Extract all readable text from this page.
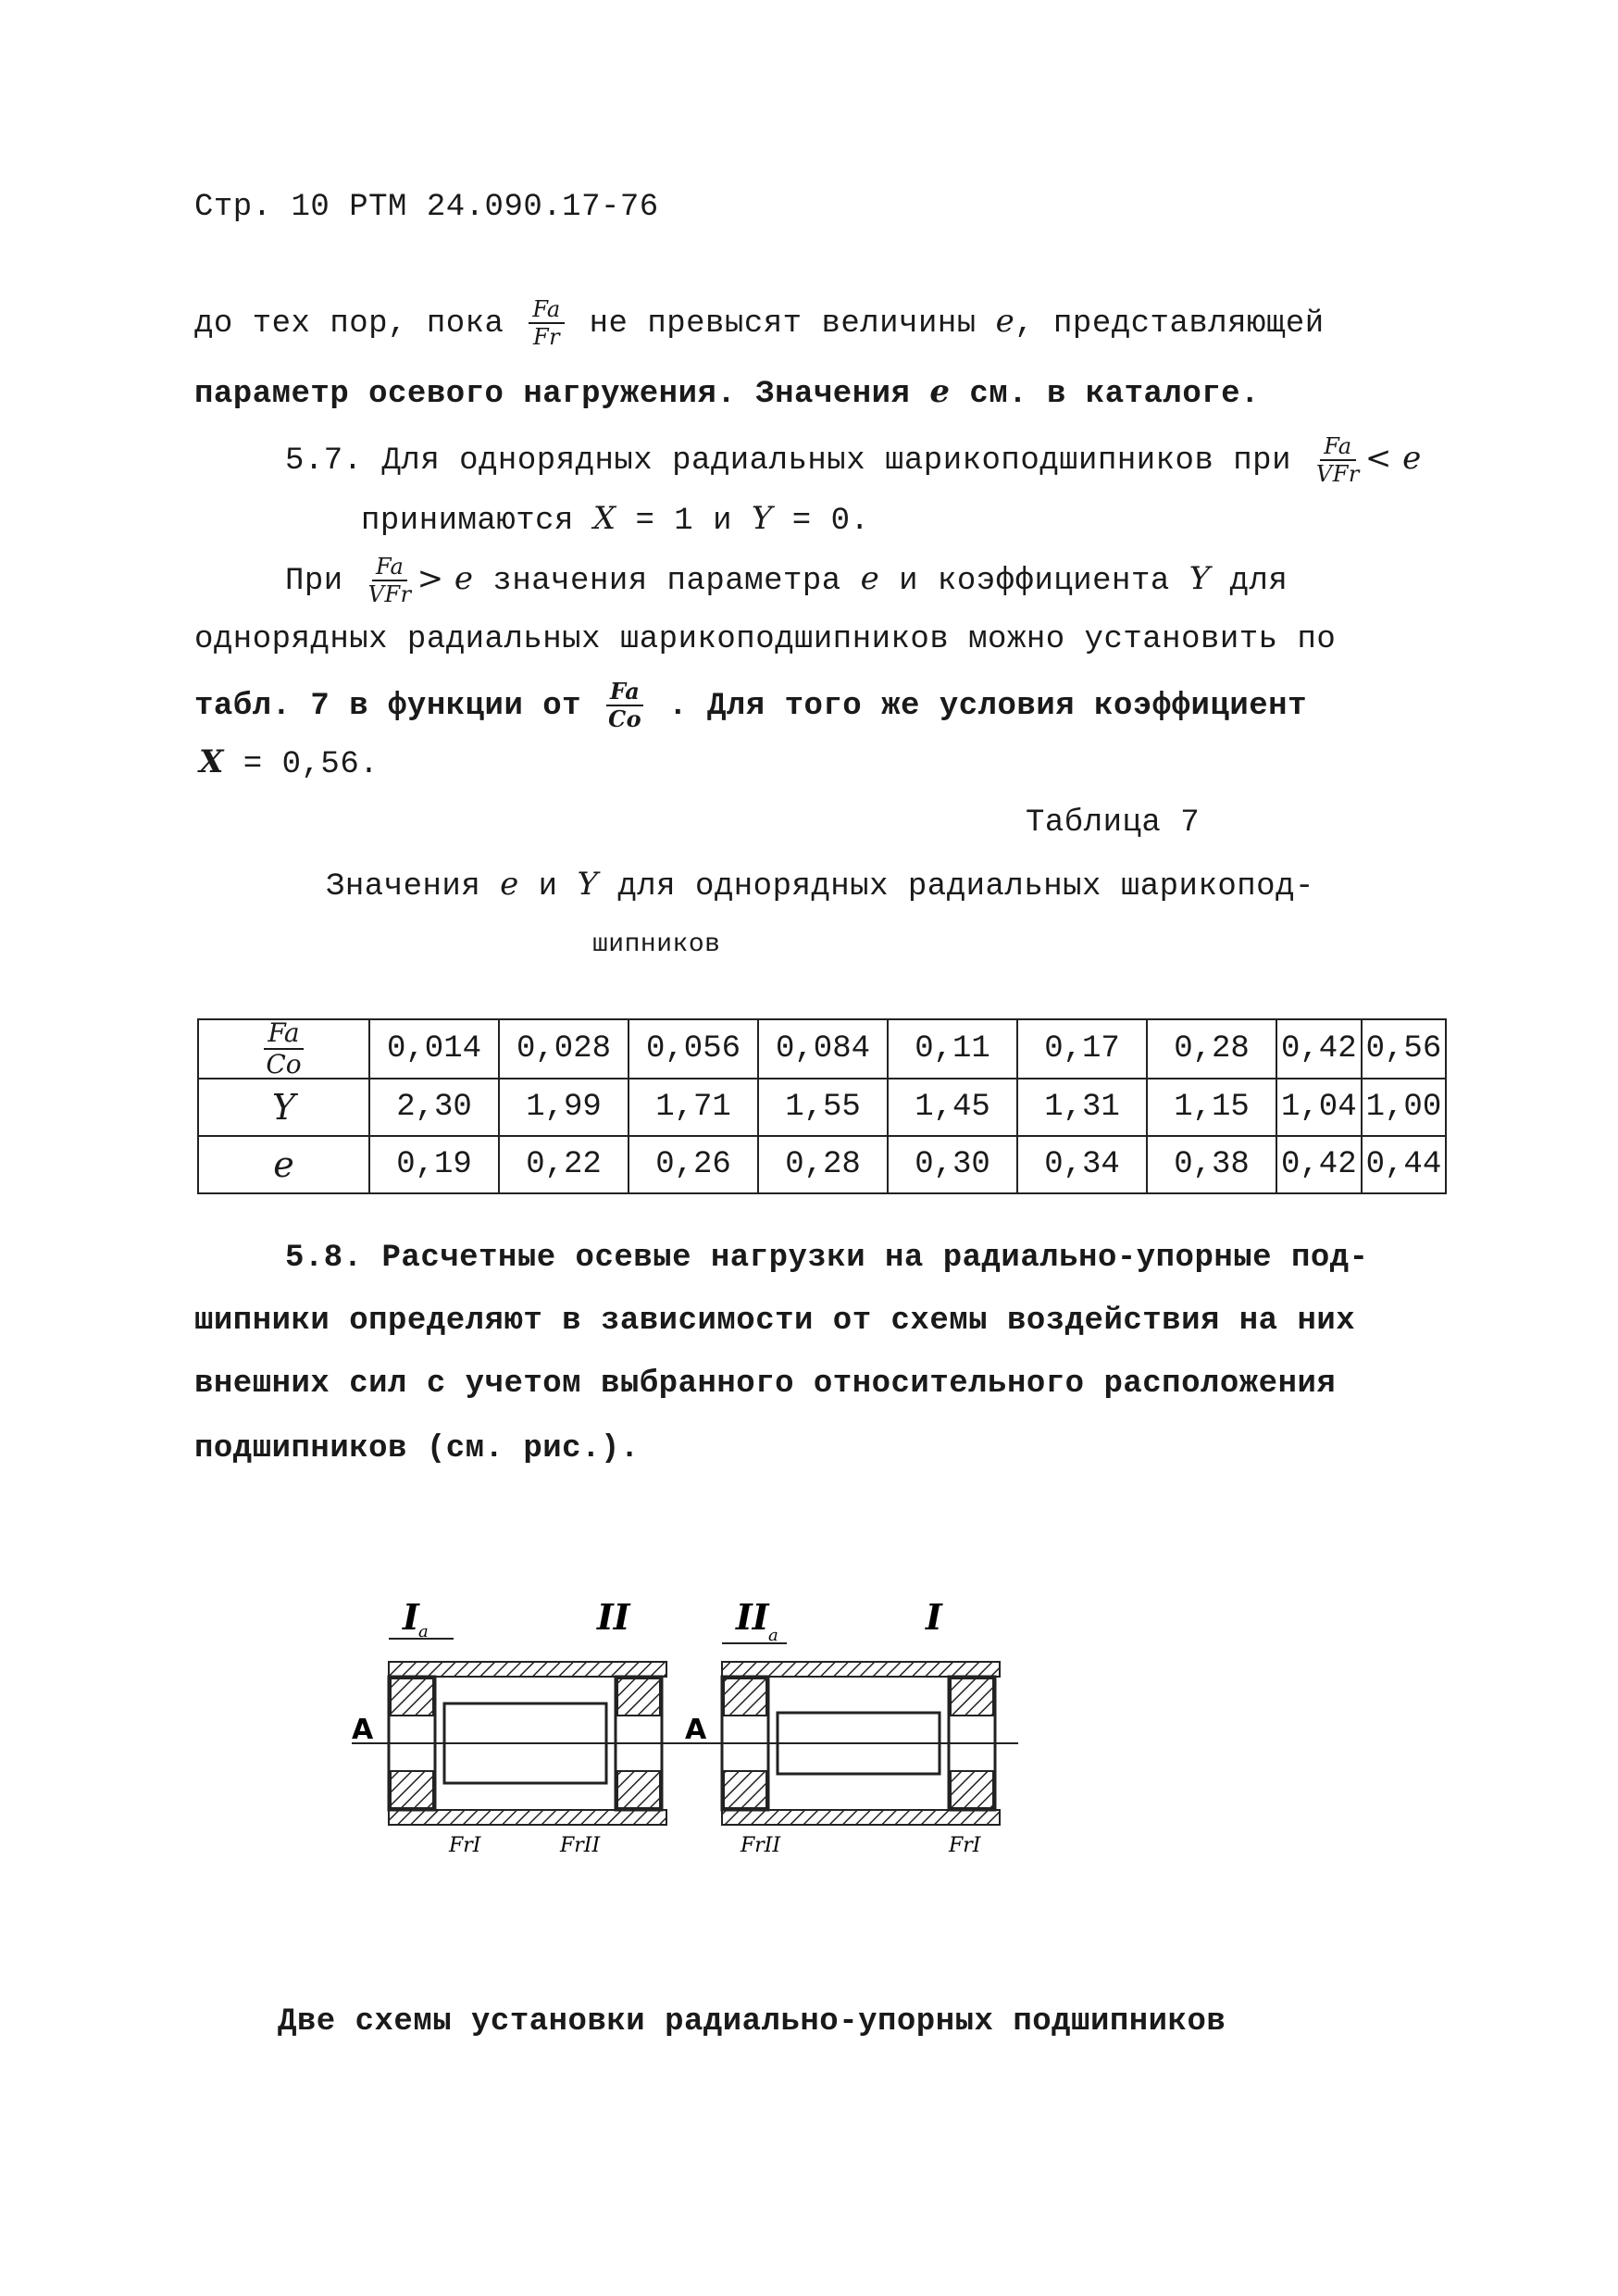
Стр. 10 РТМ 24.090.17-76
до тех пор, пока $\frac{Fa}{Fr}$ не превысят величины e, представляющей
параметр осевого нагружения. Значения e см. в каталоге.
5.7. Для однорядных радиальных шарикоподшипников при $\frac{Fa}{\text{VFr}} < e$
принимаются X = 1 и Y = 0.
При $\frac{Fa}{\text{VFr}} > e$ значения параметра e и коэффициента Y для
однорядных радиальных шарикоподшипников можно установить по
табл. 7 в функции от $\frac{Fa}{Co}$ . Для того же условия коэффициент
X = 0,56.
Таблица 7
Значения e и Y для однорядных радиальных шарикопод-
шипников
$\frac{Fa}{Co}$	0,014	0,028	0,056	0,084	0,11	0,17	0,28	0,42	0,56
Y	2,30	1,99	1,71	1,55	1,45	1,31	1,15	1,04	1,00
e	0,19	0,22	0,26	0,28	0,30	0,34	0,38	0,42	0,44
5.8. Расчетные осевые нагрузки на радиально-упорные под-
шипники определяют в зависимости от схемы воздействия на них
внешних сил с учетом выбранного относительного расположения
подшипников (см. рис.).
I a	II
A
FrI	FrII
II a	I
A
FrII	FrI
Две схемы установки радиально-упорных подшипников
